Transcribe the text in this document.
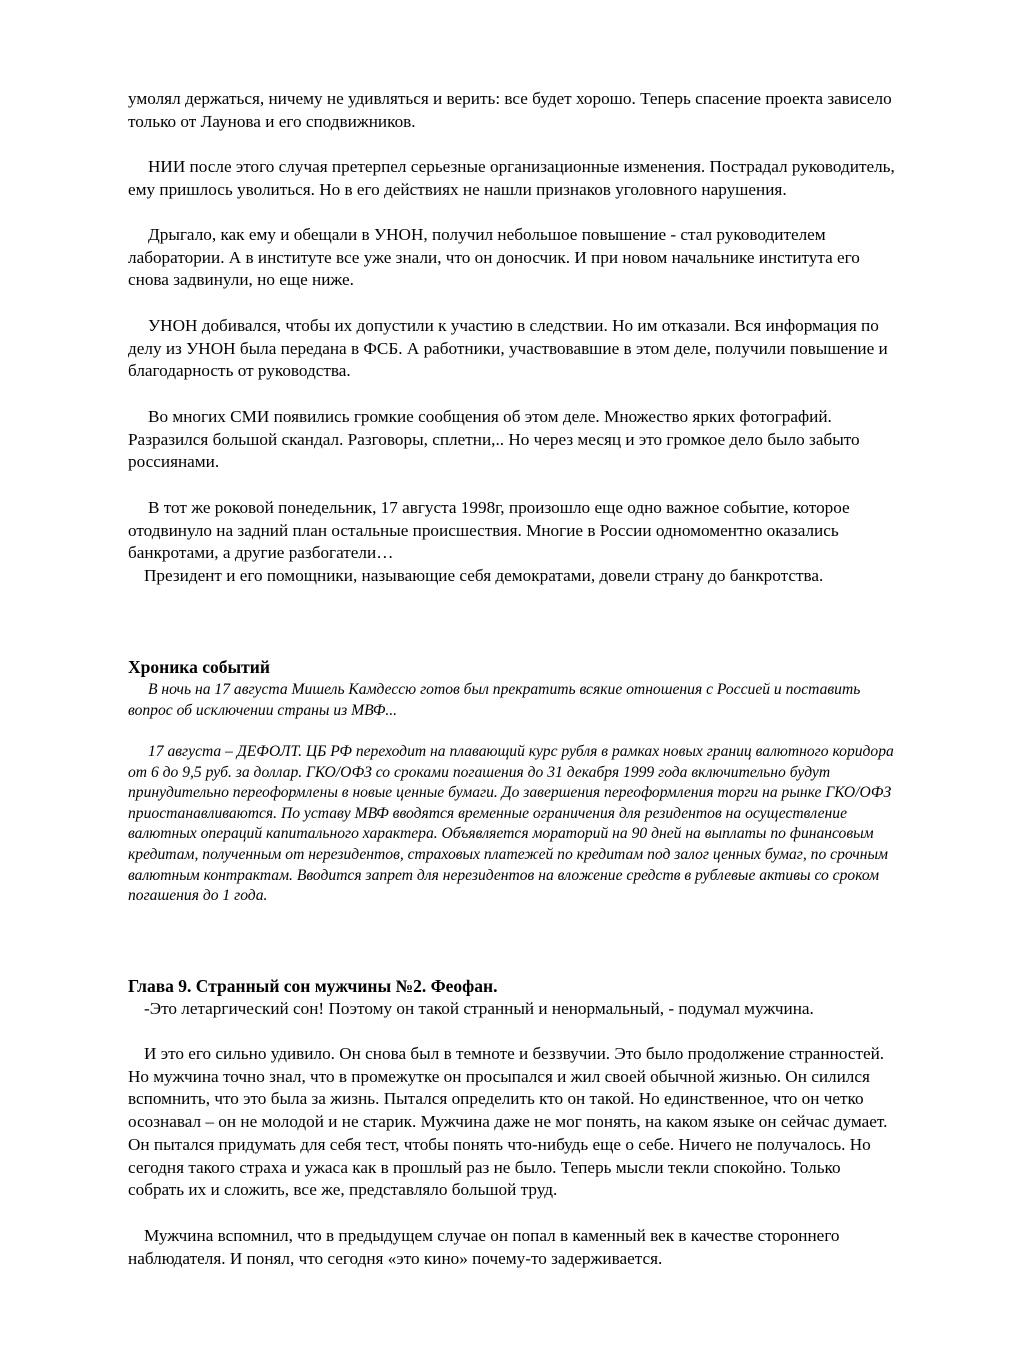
умолял держаться, ничему не удивляться и верить: все будет хорошо. Теперь спасение проекта зависело только от Лаунова и его сподвижников.

НИИ после этого случая претерпел серьезные организационные изменения. Пострадал руководитель, ему пришлось уволиться. Но в его действиях не нашли признаков уголовного нарушения.

Дрыгало, как ему и обещали в УНОН, получил небольшое повышение - стал руководителем лаборатории. А в институте все уже знали, что он доносчик. И при новом начальнике института его снова задвинули, но еще ниже.

УНОН добивался, чтобы их допустили к участию в следствии. Но им отказали. Вся информация по делу из УНОН была передана в ФСБ. А работники, участвовавшие в этом деле, получили повышение и благодарность от руководства.

Во многих СМИ появились громкие сообщения об этом деле. Множество ярких фотографий. Разразился большой скандал. Разговоры, сплетни,.. Но через месяц и это громкое дело было забыто россиянами.

В тот же роковой понедельник, 17 августа 1998г, произошло еще одно важное событие, которое отодвинуло на задний план остальные происшествия. Многие в России одномоментно оказались банкротами, а другие разбогатели…

Президент и его помощники, называющие себя демократами, довели страну до банкротства.

Хроника событий

В ночь на 17 августа Мишель Камдессю готов был прекратить всякие отношения с Россией и поставить вопрос об исключении страны из МВФ...

17 августа – ДЕФОЛТ. ЦБ РФ переходит на плавающий курс рубля в рамках новых границ валютного коридора от 6 до 9,5 руб. за доллар. ГКО/ОФЗ со сроками погашения до 31 декабря 1999 года включительно будут принудительно переоформлены в новые ценные бумаги. До завершения переоформления торги на рынке ГКО/ОФЗ приостанавливаются. По уставу МВФ вводятся временные ограничения для резидентов на осуществление валютных операций капитального характера. Объявляется мораторий на 90 дней на выплаты по финансовым кредитам, полученным от нерезидентов, страховых платежей по кредитам под залог ценных бумаг, по срочным валютным контрактам. Вводится запрет для нерезидентов на вложение средств в рублевые активы со сроком погашения до 1 года.

Глава 9. Странный сон мужчины №2. Феофан.

-Это летаргический сон! Поэтому он такой странный и ненормальный, - подумал мужчина.

И это его сильно удивило. Он снова был в темноте и беззвучии. Это было продолжение странностей. Но мужчина точно знал, что в промежутке он просыпался и жил своей обычной жизнью. Он силился вспомнить, что это была за жизнь. Пытался определить кто он такой. Но единственное, что он четко осознавал – он не молодой и не старик. Мужчина даже не мог понять, на каком языке он сейчас думает. Он пытался придумать для себя тест, чтобы понять что-нибудь еще о себе. Ничего не получалось. Но сегодня такого страха и ужаса как в прошлый раз не было. Теперь мысли текли спокойно. Только собрать их и сложить, все же, представляло большой труд.

Мужчина вспомнил, что в предыдущем случае он попал в каменный век в качестве стороннего наблюдателя. И понял, что сегодня «это кино» почему-то задерживается.
